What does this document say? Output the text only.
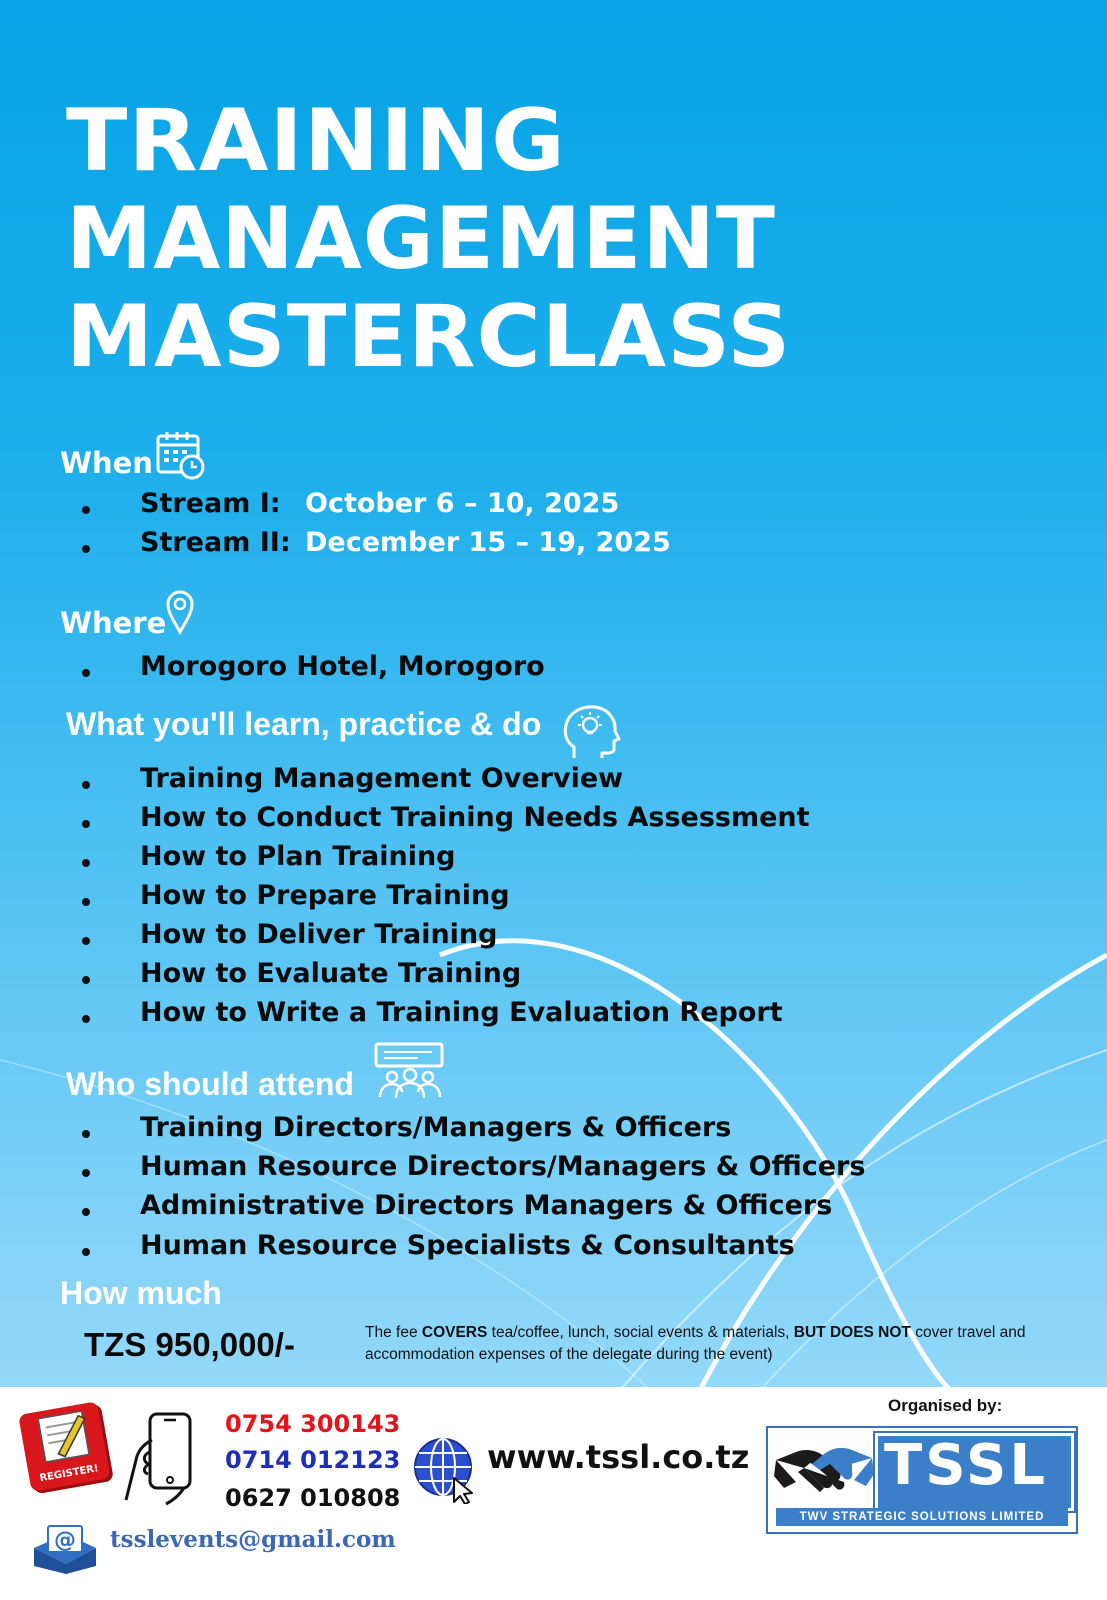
TRAINING
MANAGEMENT
MASTERCLASS
When
Stream I: October 6 – 10, 2025
Stream II: December 15 – 19, 2025
Where
Morogoro Hotel, Morogoro
What you'll learn, practice & do
Training Management Overview
How to Conduct Training Needs Assessment
How to Plan Training
How to Prepare Training
How to Deliver Training
How to Evaluate Training
How to Write a Training Evaluation Report
Who should attend
Training Directors/Managers & Officers
Human Resource Directors/Managers & Officers
Administrative Directors Managers & Officers
Human Resource Specialists & Consultants
How much
TZS 950,000/-	The fee COVERS tea/coffee, lunch, social events & materials, BUT DOES NOT cover travel and accommodation expenses of the delegate during the event)
REGISTER!
0754 300143
0714 012123
0627 010808
www.tssl.co.tz
@ tsslevents@gmail.com
Organised by:
TSSL
TWV STRATEGIC SOLUTIONS LIMITED
